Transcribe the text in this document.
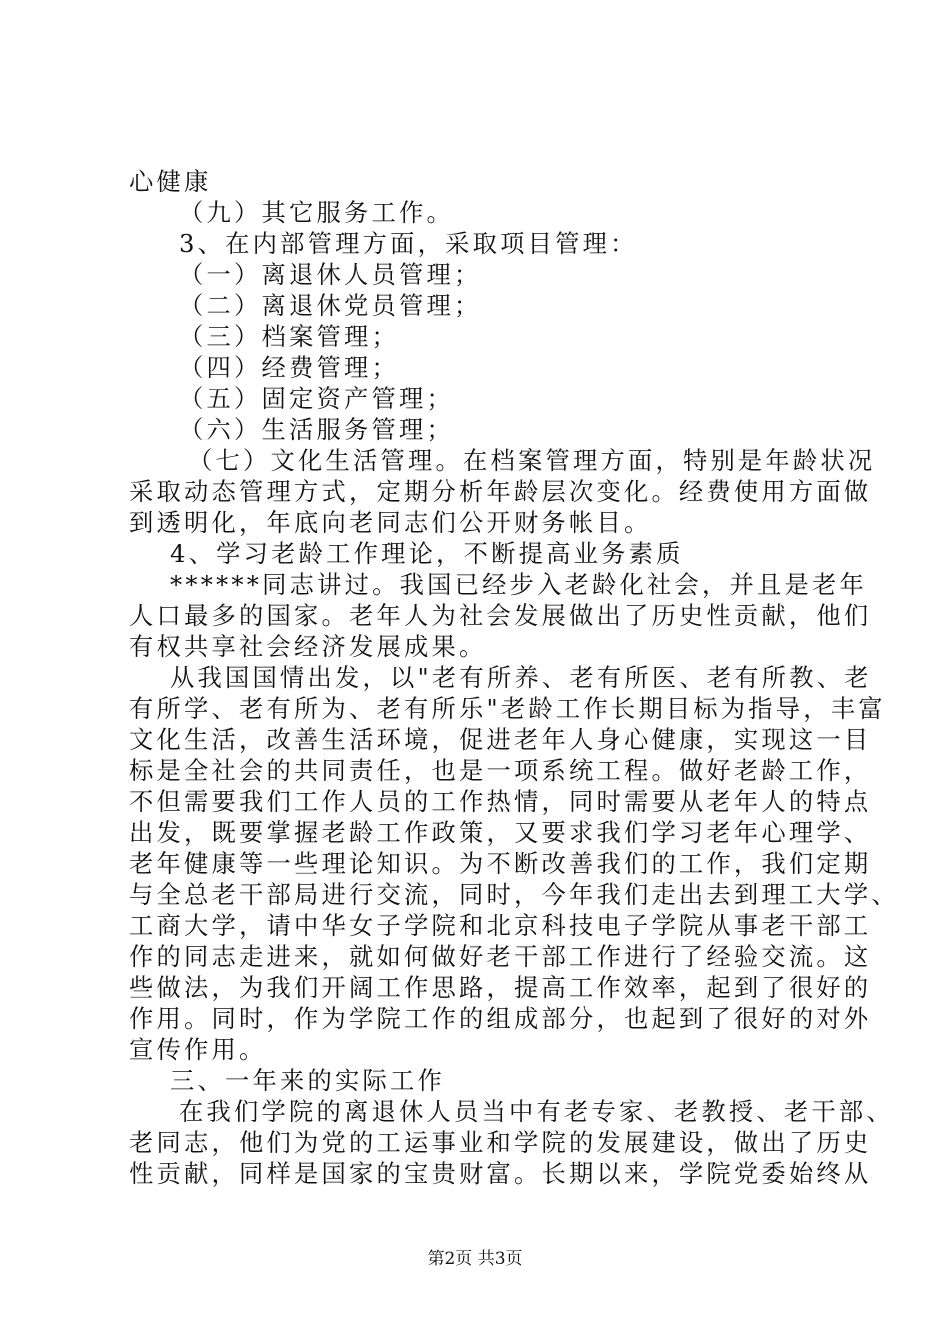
心健康
（九）其它服务工作。
3、在内部管理方面，采取项目管理：
（一）离退休人员管理；
（二）离退休党员管理；
（三）档案管理；
（四）经费管理；
（五）固定资产管理；
（六）生活服务管理；
（七）文化生活管理。在档案管理方面，特别是年龄状况
采取动态管理方式，定期分析年龄层次变化。经费使用方面做
到透明化，年底向老同志们公开财务帐目。
4、学习老龄工作理论，不断提高业务素质
******同志讲过。我国已经步入老龄化社会，并且是老年
人口最多的国家。老年人为社会发展做出了历史性贡献，他们
有权共享社会经济发展成果。
从我国国情出发，以"老有所养、老有所医、老有所教、老
有所学、老有所为、老有所乐"老龄工作长期目标为指导，丰富
文化生活，改善生活环境，促进老年人身心健康，实现这一目
标是全社会的共同责任，也是一项系统工程。做好老龄工作，
不但需要我们工作人员的工作热情，同时需要从老年人的特点
出发，既要掌握老龄工作政策，又要求我们学习老年心理学、
老年健康等一些理论知识。为不断改善我们的工作，我们定期
与全总老干部局进行交流，同时，今年我们走出去到理工大学、
工商大学，请中华女子学院和北京科技电子学院从事老干部工
作的同志走进来，就如何做好老干部工作进行了经验交流。这
些做法，为我们开阔工作思路，提高工作效率，起到了很好的
作用。同时，作为学院工作的组成部分，也起到了很好的对外
宣传作用。
三、一年来的实际工作
在我们学院的离退休人员当中有老专家、老教授、老干部、
老同志，他们为党的工运事业和学院的发展建设，做出了历史
性贡献，同样是国家的宝贵财富。长期以来，学院党委始终从
第2页 共3页
